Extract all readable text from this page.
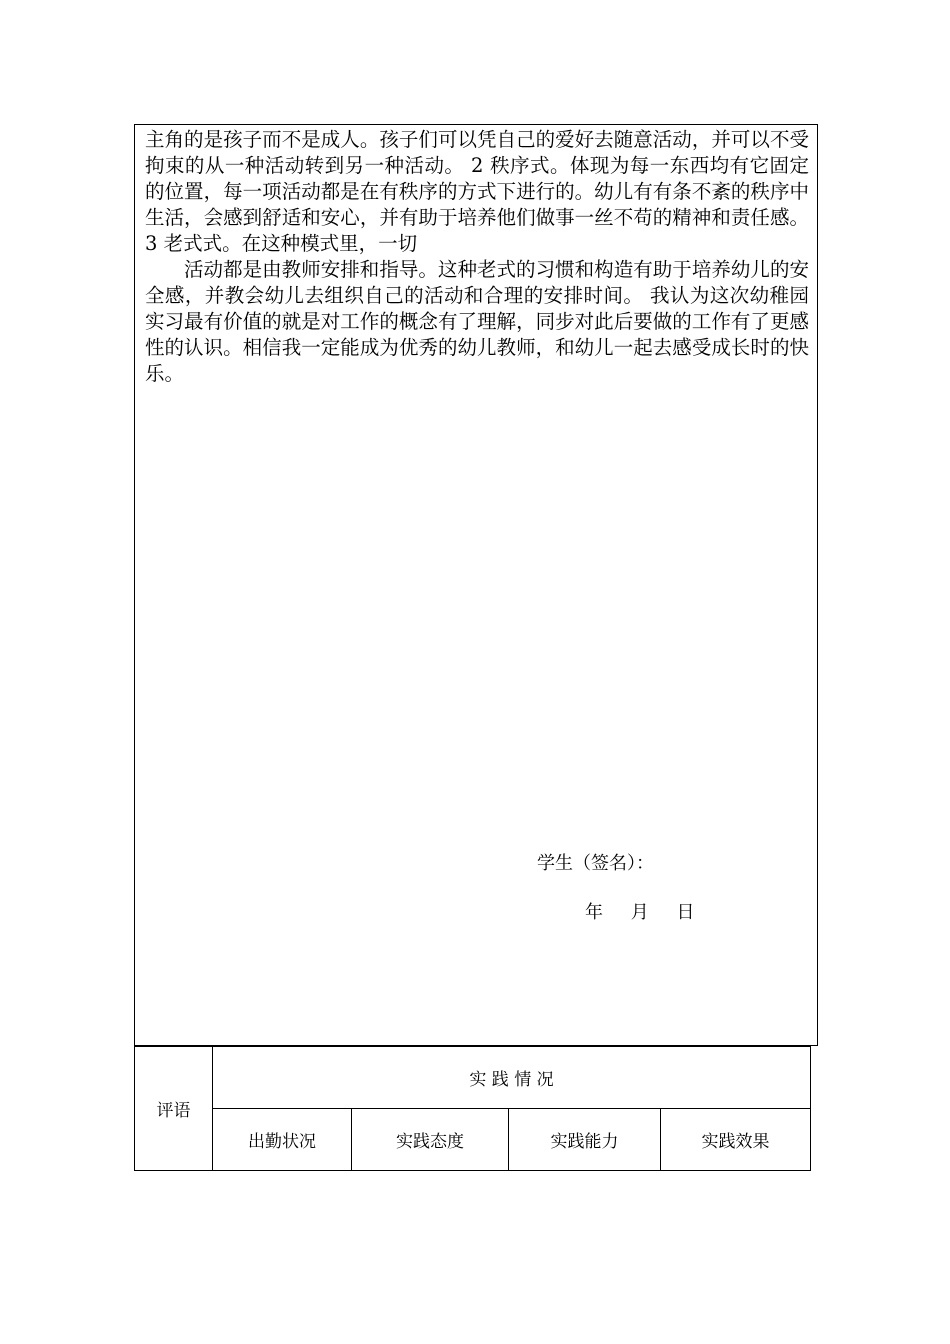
主角的是孩子而不是成人。孩子们可以凭自己的爱好去随意活动，并可以不受拘束的从一种活动转到另一种活动。 2 秩序式。体现为每一东西均有它固定的位置，每一项活动都是在有秩序的方式下进行的。幼儿有有条不紊的秩序中生活，会感到舒适和安心，并有助于培养他们做事一丝不苟的精神和责任感。 3 老式式。在这种模式里，一切

活动都是由教师安排和指导。这种老式的习惯和构造有助于培养幼儿的安全感，并教会幼儿去组织自己的活动和合理的安排时间。 我认为这次幼稚园实习最有价值的就是对工作的概念有了理解，同步对此后要做的工作有了更感性的认识。相信我一定能成为优秀的幼儿教师，和幼儿一起去感受成长时的快乐。

学生（签名）：
年 月 日
评语	实 践 情 况			
	出勤状况	实践态度	实践能力	实践效果
